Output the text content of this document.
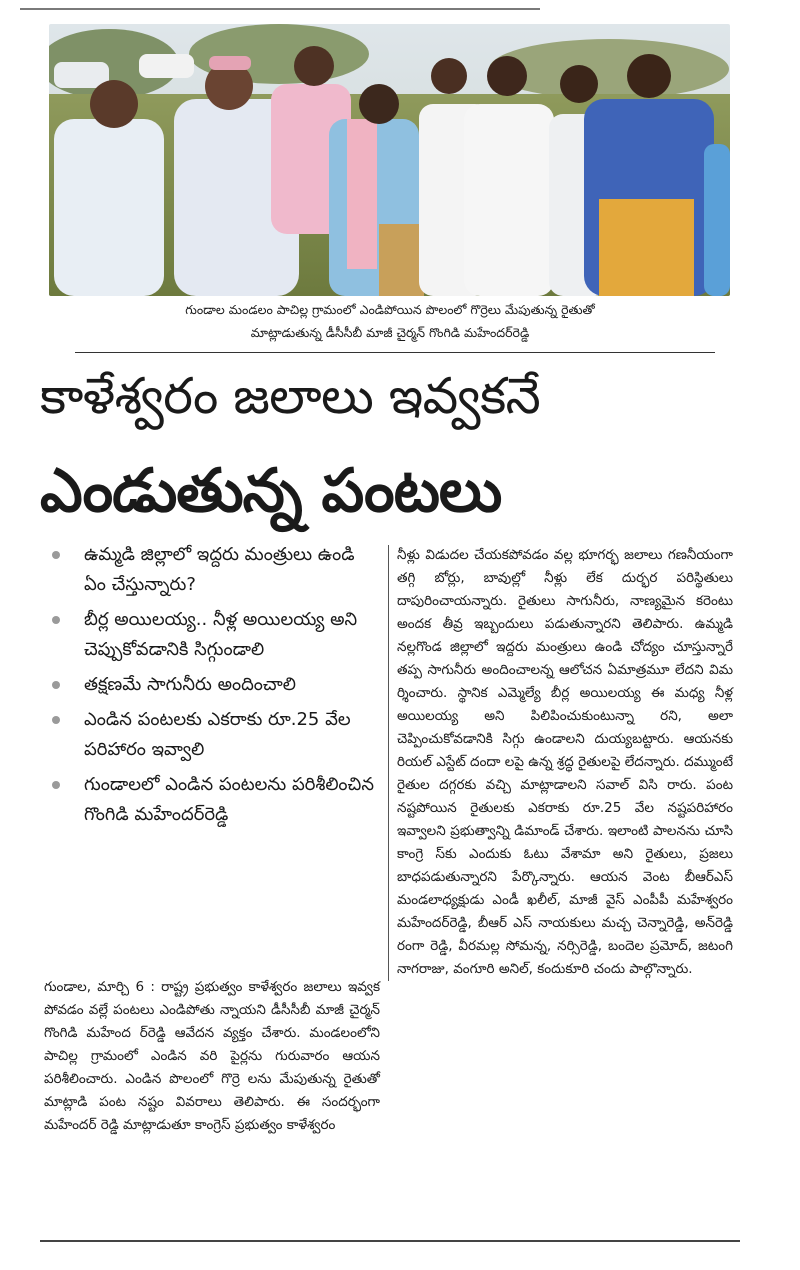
గుండాల మండలం పాచిల్ల గ్రామంలో ఎండిపోయిన పొలంలో గొర్రెలు మేపుతున్న రైతుతో
మాట్లాడుతున్న డీసీసీబీ మాజీ చైర్మన్ గొంగిడి మహేందర్‌రెడ్డి
కాళేశ్వరం జలాలు ఇవ్వకనే
ఎండుతున్న పంటలు
ఉమ్మడి జిల్లాలో ఇద్దరు మంత్రులు ఉండి ఏం చేస్తున్నారు?
బీర్ల అయిలయ్య.. నీళ్ల అయిలయ్య అని చెప్పుకోవడానికి సిగ్గుండాలి
తక్షణమే సాగునీరు అందించాలి
ఎండిన పంటలకు ఎకరాకు రూ.25 వేల పరిహారం ఇవ్వాలి
గుండాలలో ఎండిన పంటలను పరిశీలించిన గొంగిడి మహేందర్‌రెడ్డి

గుండాల, మార్చి 6 : రాష్ట్ర ప్రభుత్వం కాళేశ్వరం జలాలు ఇవ్వక పోవడం వల్లే పంటలు ఎండిపోతు న్నాయని డీసీసీబీ మాజీ చైర్మన్ గొంగిడి మహేంద ర్‌రెడ్డి ఆవేదన వ్యక్తం చేశారు. మండలంలోని పాచిల్ల గ్రామంలో ఎండిన వరి పైర్లను గురువారం ఆయన పరిశీలించారు. ఎండిన పొలంలో గొర్రె లను మేపుతున్న రైతుతో మాట్లాడి పంట నష్టం వివరాలు తెలిపారు. ఈ సందర్భంగా మహేందర్ రెడ్డి మాట్లాడుతూ కాంగ్రెస్ ప్రభుత్వం కాళేశ్వరం

నీళ్లు విడుదల చేయకపోవడం వల్ల భూగర్భ జలాలు గణనీయంగా తగ్గి బోర్లు, బావుల్లో నీళ్లు లేక దుర్భర పరిస్థితులు దాపురించాయన్నారు. రైతులు సాగునీరు, నాణ్యమైన కరెంటు అందక తీవ్ర ఇబ్బందులు పడుతున్నారని తెలిపారు. ఉమ్మడి నల్లగొండ జిల్లాలో ఇద్దరు మంత్రులు ఉండి చోద్యం చూస్తున్నారే తప్ప సాగునీరు అందించాలన్న ఆలోచన ఏమాత్రమూ లేదని విమ ర్శించారు. స్థానిక ఎమ్మెల్యే బీర్ల అయిలయ్య ఈ మధ్య నీళ్ల అయిలయ్య అని పిలిపించుకుంటున్నా రని, అలా చెప్పించుకోవడానికి సిగ్గు ఉండాలని దుయ్యబట్టారు. ఆయనకు రియల్ ఎస్టేట్ దందా లపై ఉన్న శ్రద్ధ రైతులపై లేదన్నారు. దమ్ముంటే రైతుల దగ్గరకు వచ్చి మాట్లాడాలని సవాల్ విసి రారు. పంట నష్టపోయిన రైతులకు ఎకరాకు రూ.25 వేల నష్టపరిహారం ఇవ్వాలని ప్రభుత్వాన్ని డిమాండ్ చేశారు. ఇలాంటి పాలనను చూసి కాంగ్రె స్‌కు ఎందుకు ఓటు వేశామా అని రైతులు, ప్రజలు బాధపడుతున్నారని పేర్కొన్నారు. ఆయన వెంట బీఆర్‌ఎస్ మండలాధ్యక్షుడు ఎండీ ఖలీల్, మాజీ వైస్ ఎంపీపీ మహేశ్వరం మహేందర్‌రెడ్డి, బీఆర్ ఎస్ నాయకులు మచ్చ చెన్నారెడ్డి, అన్‌రెడ్డి రంగా రెడ్డి, వీరమల్ల సోమన్న, నర్సిరెడ్డి, బందెల ప్రమోద్, జటంగి నాగరాజు, వంగూరి అనిల్, కందుకూరి చందు పాల్గొన్నారు.
